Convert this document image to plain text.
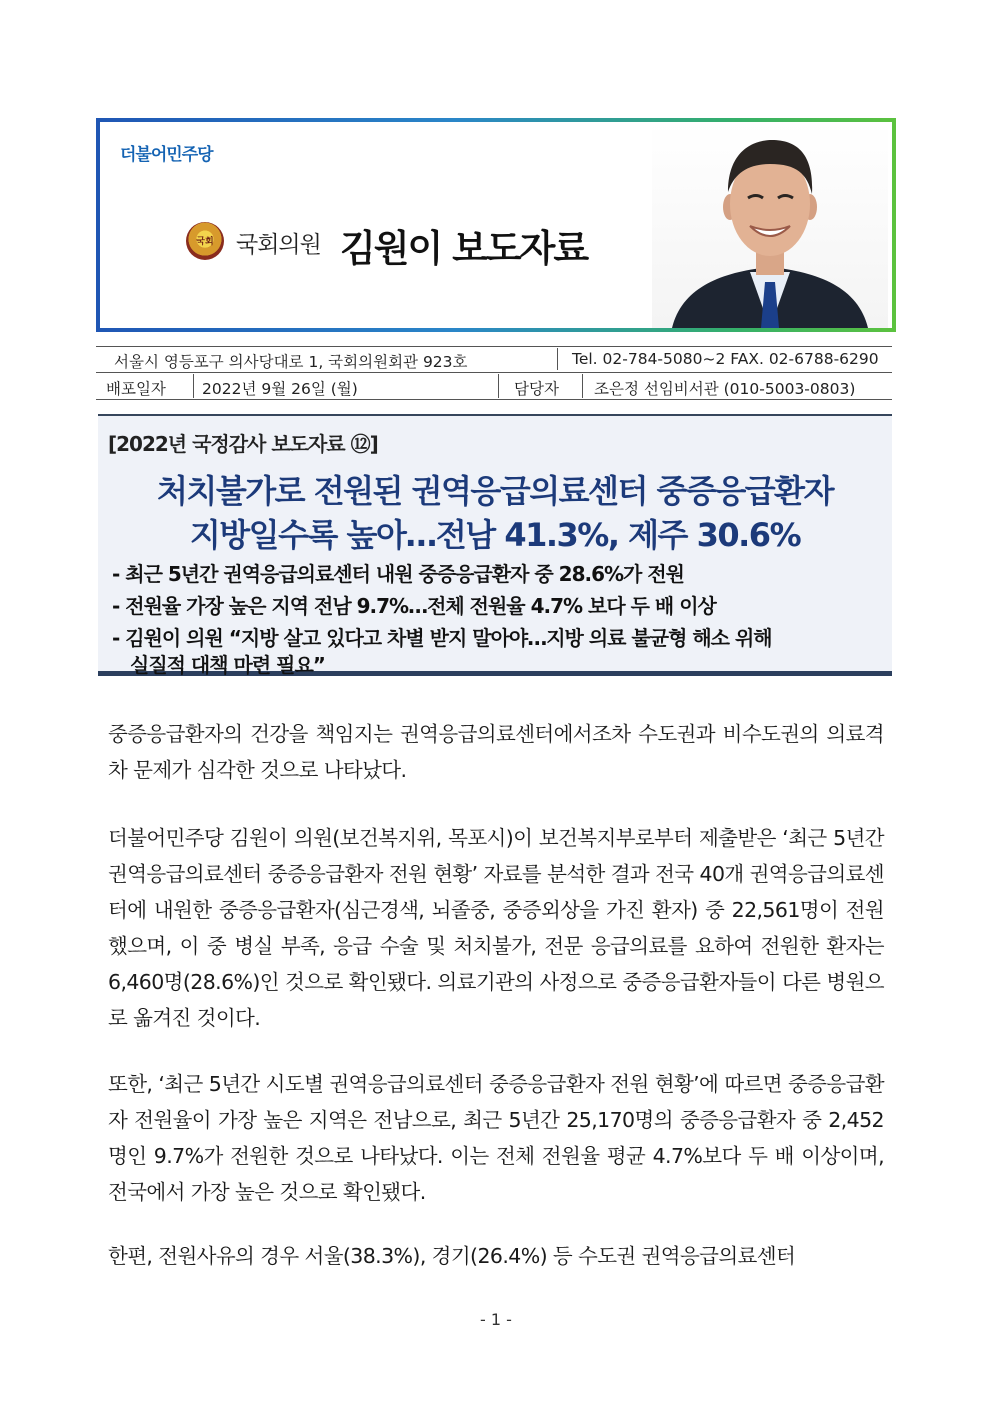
더불어민주당
국회 국회의원 김원이 보도자료
서울시 영등포구 의사당대로 1, 국회의원회관 923호	Tel. 02-784-5080~2 FAX. 02-6788-6290
배포일자 2022년 9월 26일 (월)	담당자 조은정 선임비서관 (010-5003-0803)
[2022년 국정감사 보도자료 ⑫]
처치불가로 전원된 권역응급의료센터 중증응급환자
지방일수록 높아…전남 41.3%, 제주 30.6%
- 최근 5년간 권역응급의료센터 내원 중증응급환자 중 28.6%가 전원
- 전원율 가장 높은 지역 전남 9.7%…전체 전원율 4.7% 보다 두 배 이상
- 김원이 의원 “지방 살고 있다고 차별 받지 말아야…지방 의료 불균형 해소 위해
실질적 대책 마련 필요”

중증응급환자의 건강을 책임지는 권역응급의료센터에서조차 수도권과 비수도권의 의료격차 문제가 심각한 것으로 나타났다.

더불어민주당 김원이 의원(보건복지위, 목포시)이 보건복지부로부터 제출받은 ‘최근 5년간 권역응급의료센터 중증응급환자 전원 현황’ 자료를 분석한 결과 전국 40개 권역응급의료센터에 내원한 중증응급환자(심근경색, 뇌졸중, 중증외상을 가진 환자) 중 22,561명이 전원했으며, 이 중 병실 부족, 응급 수술 및 처치불가, 전문 응급의료를 요하여 전원한 환자는 6,460명(28.6%)인 것으로 확인됐다. 의료기관의 사정으로 중증응급환자들이 다른 병원으로 옮겨진 것이다.

또한, ‘최근 5년간 시도별 권역응급의료센터 중증응급환자 전원 현황’에 따르면 중증응급환자 전원율이 가장 높은 지역은 전남으로, 최근 5년간 25,170명의 중증응급환자 중 2,452명인 9.7%가 전원한 것으로 나타났다. 이는 전체 전원율 평균 4.7%보다 두 배 이상이며, 전국에서 가장 높은 것으로 확인됐다.

한편, 전원사유의 경우 서울(38.3%), 경기(26.4%) 등 수도권 권역응급의료센터

- 1 -
